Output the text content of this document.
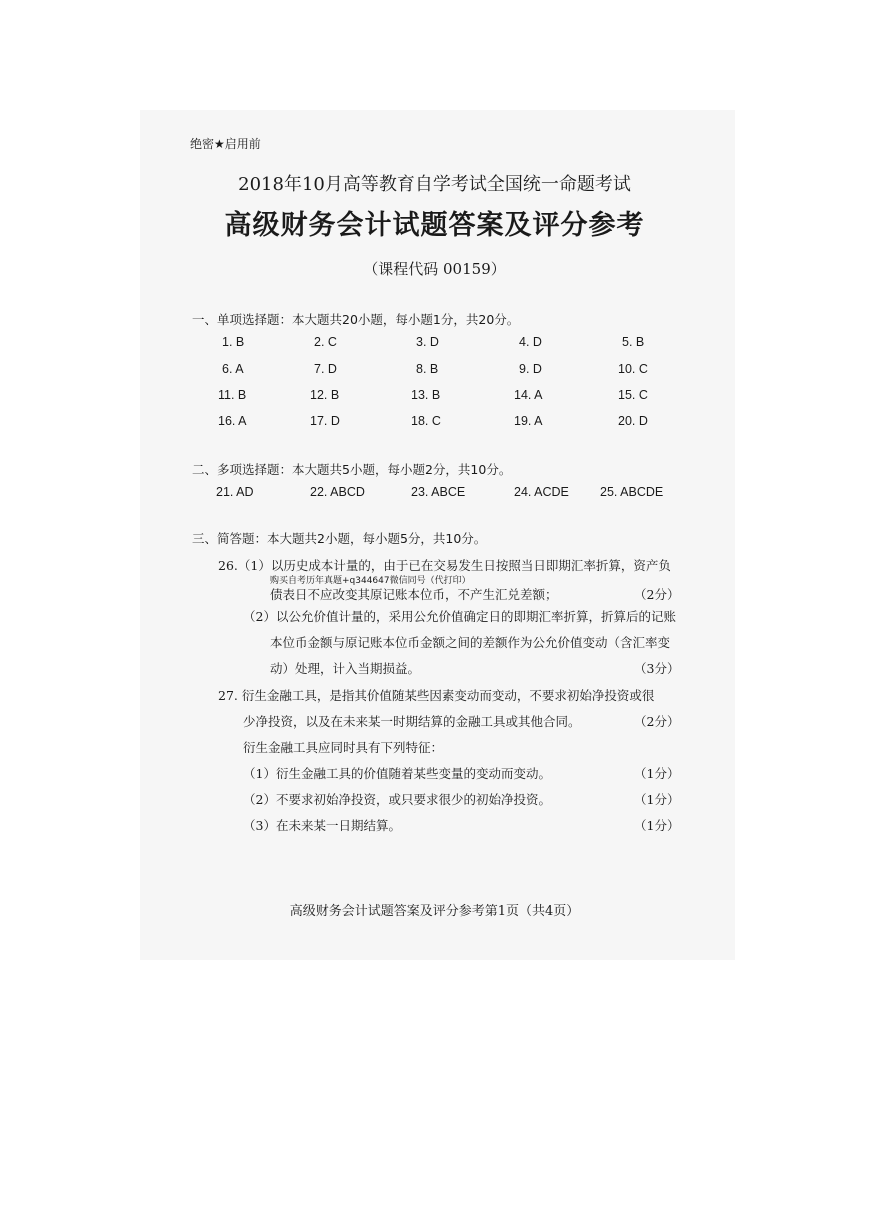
绝密★启用前
2018年10月高等教育自学考试全国统一命题考试
高级财务会计试题答案及评分参考
（课程代码 00159）
一、单项选择题：本大题共20小题，每小题1分，共20分。
1. B	2. C	3. D	4. D	5. B
6. A	7. D	8. B	9. D	10. C
11. B	12. B	13. B	14. A	15. C
16. A	17. D	18. C	19. A	20. D
二、多项选择题：本大题共5小题，每小题2分，共10分。
21. AD	22. ABCD	23. ABCE	24. ACDE 25. ABCDE
三、简答题：本大题共2小题，每小题5分，共10分。
26.（1）以历史成本计量的，由于已在交易发生日按照当日即期汇率折算，资产负
购买自考历年真题+q344647微信同号（代打印）
债表日不应改变其原记账本位币，不产生汇兑差额；	（2分）
（2）以公允价值计量的，采用公允价值确定日的即期汇率折算，折算后的记账
本位币金额与原记账本位币金额之间的差额作为公允价值变动（含汇率变
动）处理，计入当期损益。	（3分）
27. 衍生金融工具，是指其价值随某些因素变动而变动，不要求初始净投资或很
少净投资，以及在未来某一时期结算的金融工具或其他合同。	（2分）
衍生金融工具应同时具有下列特征：
（1）衍生金融工具的价值随着某些变量的变动而变动。	（1分）
（2）不要求初始净投资，或只要求很少的初始净投资。	（1分）
（3）在未来某一日期结算。	（1分）
高级财务会计试题答案及评分参考第1页（共4页）
